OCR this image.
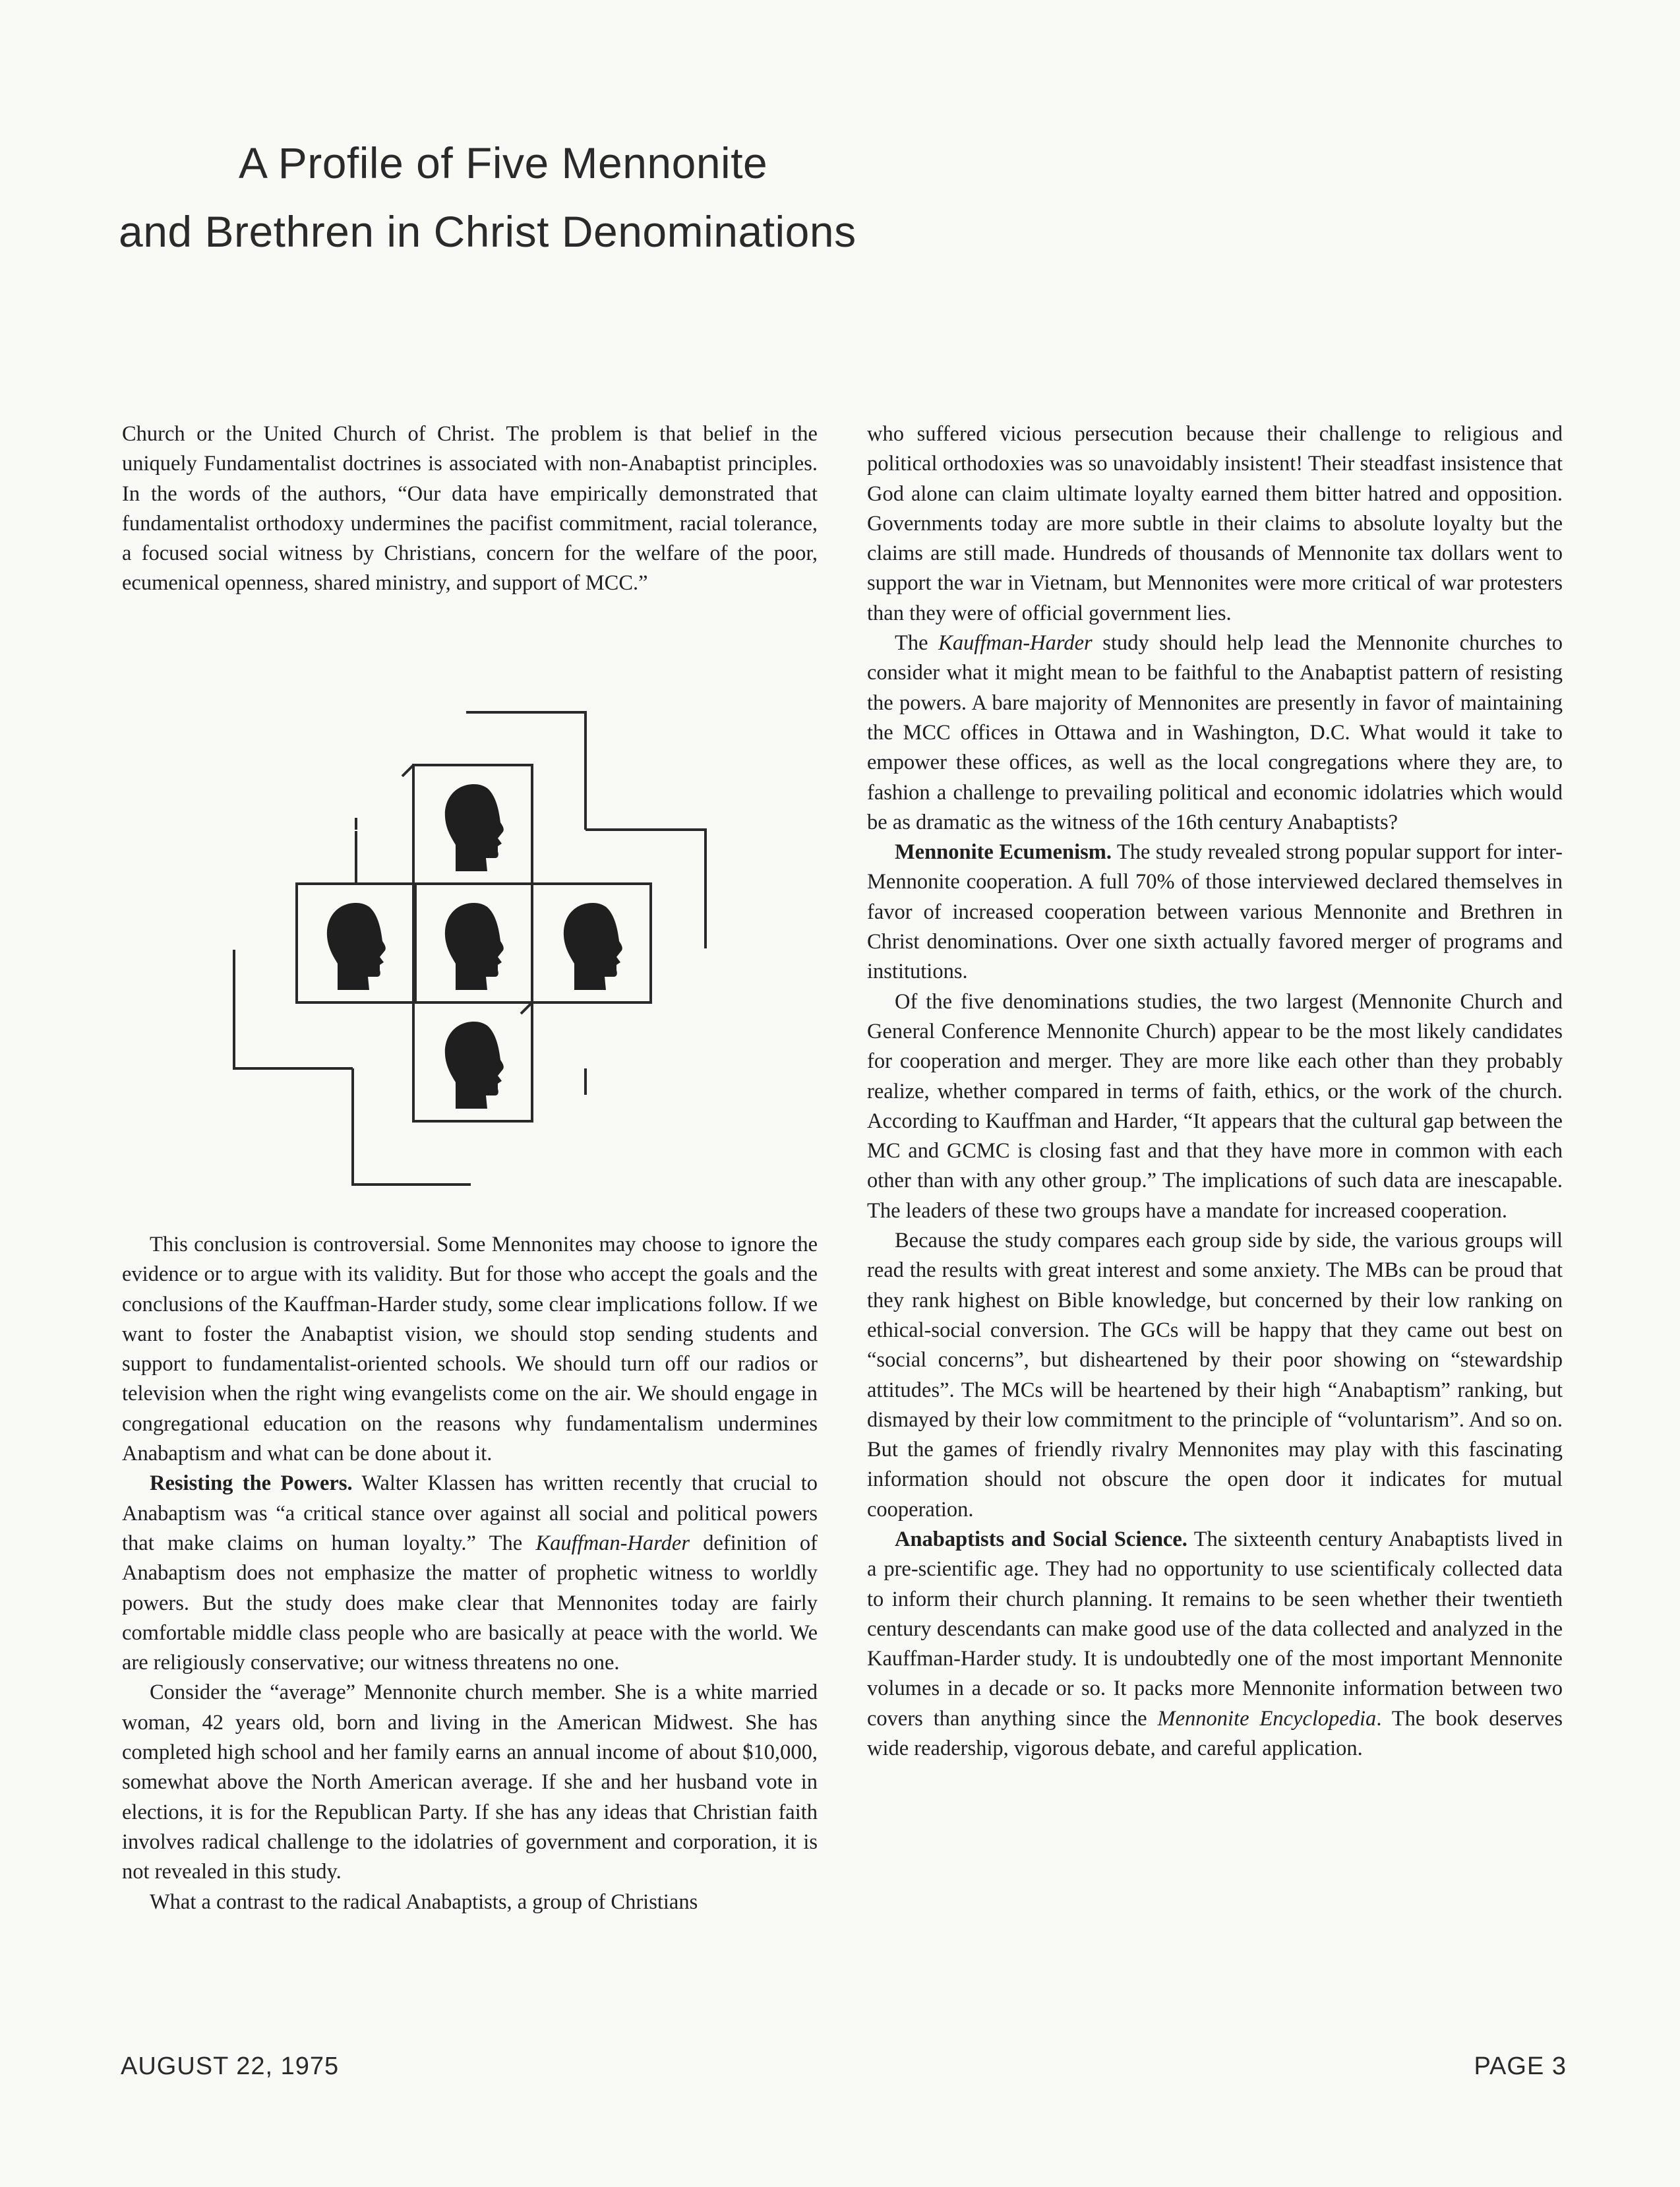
A Profile of Five Mennonite
and Brethren in Christ Denominations

Church or the United Church of Christ. The problem is that belief in the uniquely Fundamentalist doctrines is associated with non-Anabaptist principles. In the words of the authors, “Our data have empirically demonstrated that fundamentalist orthodoxy undermines the pacifist commitment, racial tolerance, a focused social witness by Christians, concern for the welfare of the poor, ecumenical openness, shared ministry, and support of MCC.”

This conclusion is controversial. Some Mennonites may choose to ignore the evidence or to argue with its validity. But for those who accept the goals and the conclusions of the Kauffman-Harder study, some clear implications follow. If we want to foster the Anabaptist vision, we should stop sending students and support to fundamentalist-oriented schools. We should turn off our radios or television when the right wing evangelists come on the air. We should engage in congregational education on the reasons why fundamentalism undermines Anabaptism and what can be done about it.

Resisting the Powers. Walter Klassen has written recently that crucial to Anabaptism was “a critical stance over against all social and political powers that make claims on human loyalty.” The Kauffman-Harder definition of Anabaptism does not emphasize the matter of prophetic witness to worldly powers. But the study does make clear that Mennonites today are fairly comfortable middle class people who are basically at peace with the world. We are religiously conservative; our witness threatens no one.

Consider the “average” Mennonite church member. She is a white married woman, 42 years old, born and living in the American Midwest. She has completed high school and her family earns an annual income of about $10,000, somewhat above the North American average. If she and her husband vote in elections, it is for the Republican Party. If she has any ideas that Christian faith involves radical challenge to the idolatries of government and corporation, it is not revealed in this study.

What a contrast to the radical Anabaptists, a group of Christians

who suffered vicious persecution because their challenge to religious and political orthodoxies was so unavoidably insistent! Their steadfast insistence that God alone can claim ultimate loyalty earned them bitter hatred and opposition. Governments today are more subtle in their claims to absolute loyalty but the claims are still made. Hundreds of thousands of Mennonite tax dollars went to support the war in Vietnam, but Mennonites were more critical of war protesters than they were of official government lies.

The Kauffman-Harder study should help lead the Mennonite churches to consider what it might mean to be faithful to the Anabaptist pattern of resisting the powers. A bare majority of Mennonites are presently in favor of maintaining the MCC offices in Ottawa and in Washington, D.C. What would it take to empower these offices, as well as the local congregations where they are, to fashion a challenge to prevailing political and economic idolatries which would be as dramatic as the witness of the 16th century Anabaptists?

Mennonite Ecumenism. The study revealed strong popular support for inter-Mennonite cooperation. A full 70% of those interviewed declared themselves in favor of increased cooperation between various Mennonite and Brethren in Christ denominations. Over one sixth actually favored merger of programs and institutions.

Of the five denominations studies, the two largest (Mennonite Church and General Conference Mennonite Church) appear to be the most likely candidates for cooperation and merger. They are more like each other than they probably realize, whether compared in terms of faith, ethics, or the work of the church. According to Kauffman and Harder, “It appears that the cultural gap between the MC and GCMC is closing fast and that they have more in common with each other than with any other group.” The implications of such data are inescapable. The leaders of these two groups have a mandate for increased cooperation.

Because the study compares each group side by side, the various groups will read the results with great interest and some anxiety. The MBs can be proud that they rank highest on Bible knowledge, but concerned by their low ranking on ethical-social conversion. The GCs will be happy that they came out best on “social concerns”, but disheartened by their poor showing on “stewardship attitudes”. The MCs will be heartened by their high “Anabaptism” ranking, but dismayed by their low commitment to the principle of “voluntarism”. And so on. But the games of friendly rivalry Mennonites may play with this fascinating information should not obscure the open door it indicates for mutual cooperation.

Anabaptists and Social Science. The sixteenth century Anabaptists lived in a pre-scientific age. They had no opportunity to use scientificaly collected data to inform their church planning. It remains to be seen whether their twentieth century descendants can make good use of the data collected and analyzed in the Kauffman-Harder study. It is undoubtedly one of the most important Mennonite volumes in a decade or so. It packs more Mennonite information between two covers than anything since the Mennonite Encyclopedia. The book deserves wide readership, vigorous debate, and careful application.

AUGUST 22, 1975	PAGE 3
